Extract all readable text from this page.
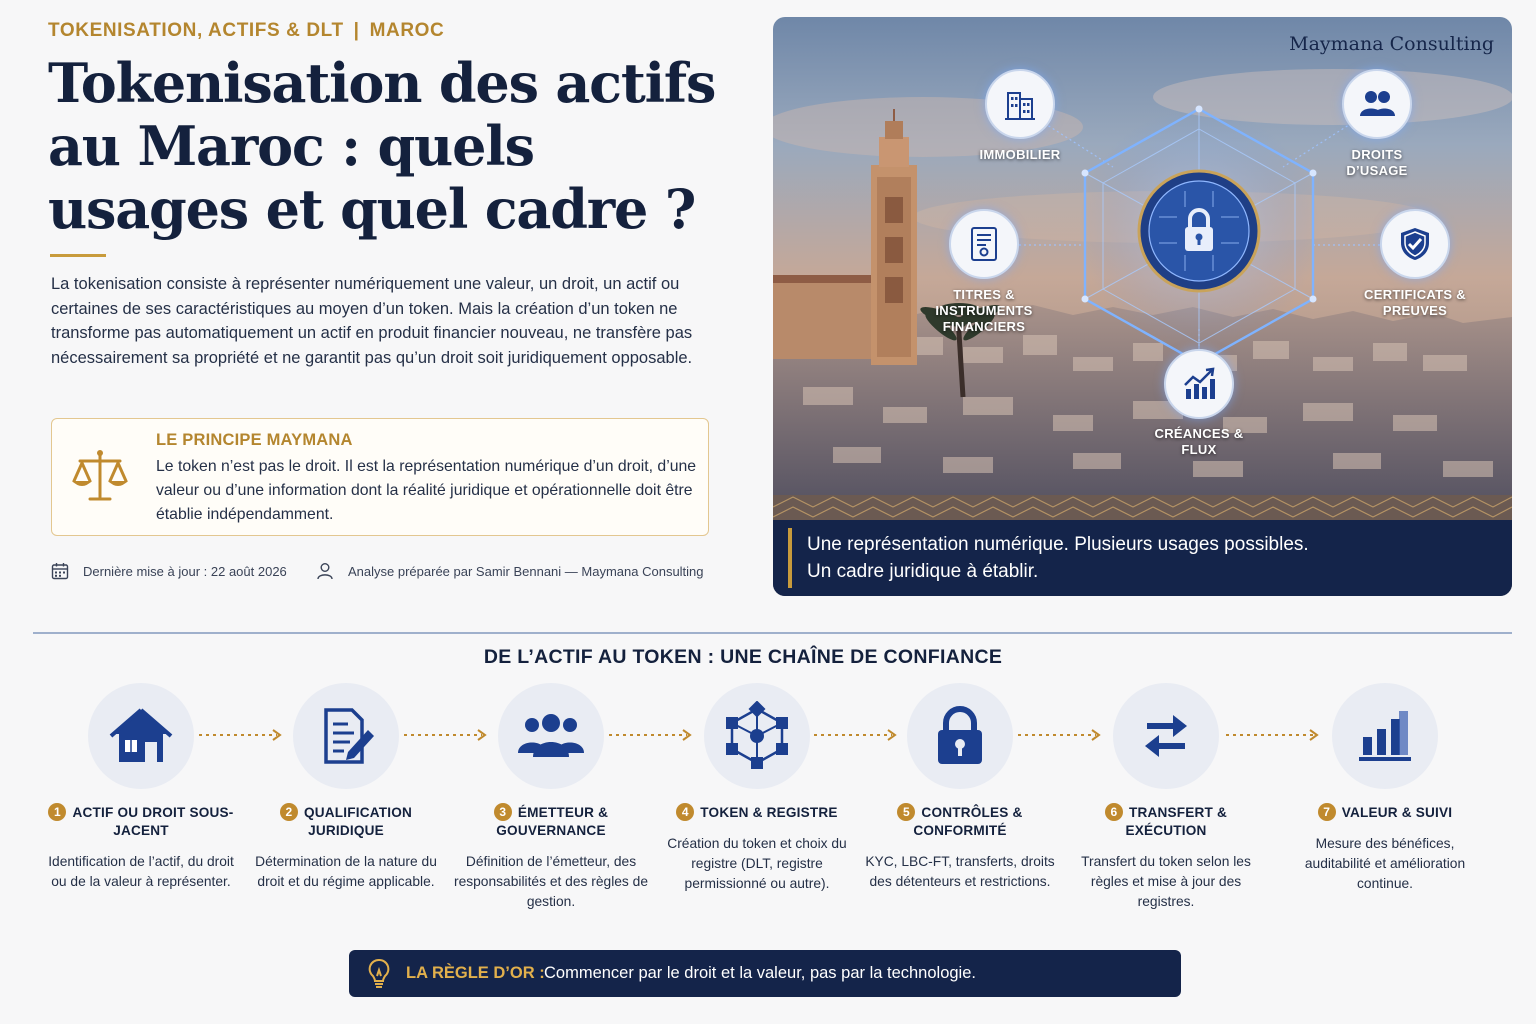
TOKENISATION, ACTIFS & DLT | MAROC
Tokenisation des actifs au Maroc : quels usages et quel cadre ?

La tokenisation consiste à représenter numériquement une valeur, un droit, un actif ou certaines de ses caractéristiques au moyen d’un token. Mais la création d’un token ne transforme pas automatiquement un actif en produit financier nouveau, ne transfère pas nécessairement sa propriété et ne garantit pas qu’un droit soit juridiquement opposable.

LE PRINCIPE MAYMANA
Le token n’est pas le droit. Il est la représentation numérique d’un droit, d’une valeur ou d’une information dont la réalité juridique et opérationnelle doit être établie indépendamment.
Dernière mise à jour : 22 août 2026	Analyse préparée par Samir Bennani — Maymana Consulting
Maymana Consulting
IMMOBILIER	DROITS D’USAGE
TITRES & INSTRUMENTS FINANCIERS
CERTIFICATS & PREUVES
CRÉANCES & FLUX
Une représentation numérique. Plusieurs usages possibles.
Un cadre juridique à établir.
DE L’ACTIF AU TOKEN : UNE CHAÎNE DE CONFIANCE
1 ACTIF OU DROIT SOUS-JACENT
Identification de l’actif, du droit ou de la valeur à représenter.
2 QUALIFICATION JURIDIQUE
Détermination de la nature du droit et du régime applicable.
3 ÉMETTEUR & GOUVERNANCE
Définition de l’émetteur, des responsabilités et des règles de gestion.
4 TOKEN & REGISTRE
Création du token et choix du registre (DLT, registre permissionné ou autre).
5 CONTRÔLES & CONFORMITÉ
KYC, LBC-FT, transferts, droits des détenteurs et restrictions.
6 TRANSFERT & EXÉCUTION
Transfert du token selon les règles et mise à jour des registres.
7 VALEUR & SUIVI
Mesure des bénéfices, auditabilité et amélioration continue.
LA RÈGLE D’OR : Commencer par le droit et la valeur, pas par la technologie.
